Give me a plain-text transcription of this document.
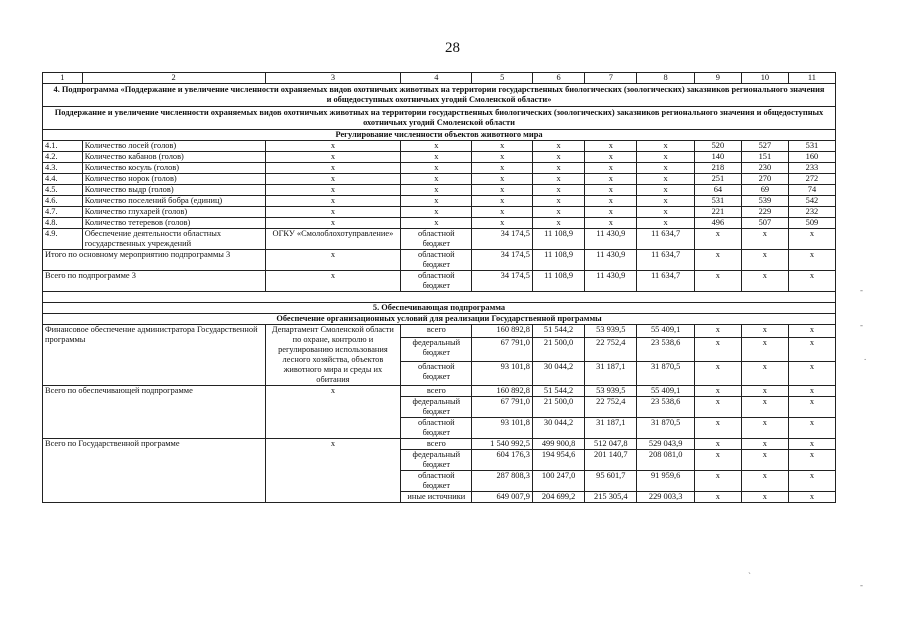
28
1	2	3	4	5	6	7	8	9	10	11
4. Подпрограмма «Поддержание и увеличение численности охраняемых видов охотничьих животных на территории государственных биологических (зоологических) заказников регионального значения и общедоступных охотничьих угодий Смоленской области»										
Поддержание и увеличение численности охраняемых видов охотничьих животных на территории государственных биологических (зоологических) заказников регионального значения и общедоступных охотничьих угодий Смоленской области										
Регулирование численности объектов животного мира										
4.1.	Количество лосей (голов)	x	x	x	x	x	x	520	527	531
4.2.	Количество кабанов (голов)	x	x	x	x	x	x	140	151	160
4.3.	Количество косуль (голов)	x	x	x	x	x	x	218	230	233
4.4.	Количество норок (голов)	x	x	x	x	x	x	251	270	272
4.5.	Количество выдр (голов)	x	x	x	x	x	x	64	69	74
4.6.	Количество поселений бобра (единиц)	x	x	x	x	x	x	531	539	542
4.7.	Количество глухарей (голов)	x	x	x	x	x	x	221	229	232
4.8.	Количество тетеревов (голов)	x	x	x	x	x	x	496	507	509
4.9.	Обеспечение деятельности областных государственных учреждений	ОГКУ «Смолоблохотуправление»	областной бюджет	34 174,5	11 108,9	11 430,9	11 634,7	x	x	x
Итого по основному мероприятию подпрограммы 3		x	областной бюджет	34 174,5	11 108,9	11 430,9	11 634,7	x	x	x
Всего по подпрограмме 3		x	областной бюджет	34 174,5	11 108,9	11 430,9	11 634,7	x	x	x

5. Обеспечивающая подпрограмма										
Обеспечение организационных условий для реализации Государственной программы										
Финансовое обеспечение администратора Государственной программы		Департамент Смоленской области по охране, контролю и регулированию использования лесного хозяйства, объектов животного мира и среды их обитания	всего	160 892,8	51 544,2	53 939,5	55 409,1	x	x	x
			федеральный бюджет	67 791,0	21 500,0	22 752,4	23 538,6	x	x	x
			областной бюджет	93 101,8	30 044,2	31 187,1	31 870,5	x	x	x
Всего по обеспечивающей подпрограмме		x	всего	160 892,8	51 544,2	53 939,5	55 409,1	x	x	x
			федеральный бюджет	67 791,0	21 500,0	22 752,4	23 538,6	x	x	x
			областной бюджет	93 101,8	30 044,2	31 187,1	31 870,5	x	x	x
Всего по Государственной программе		x	всего	1 540 992,5	499 900,8	512 047,8	529 043,9	x	x	x
			федеральный бюджет	604 176,3	194 954,6	201 140,7	208 081,0	x	x	x
			областной бюджет	287 808,3	100 247,0	95 601,7	91 959,6	x	x	x
			иные источники	649 007,9	204 699,2	215 305,4	229 003,3	x	x	x
-
-
.
`
-
